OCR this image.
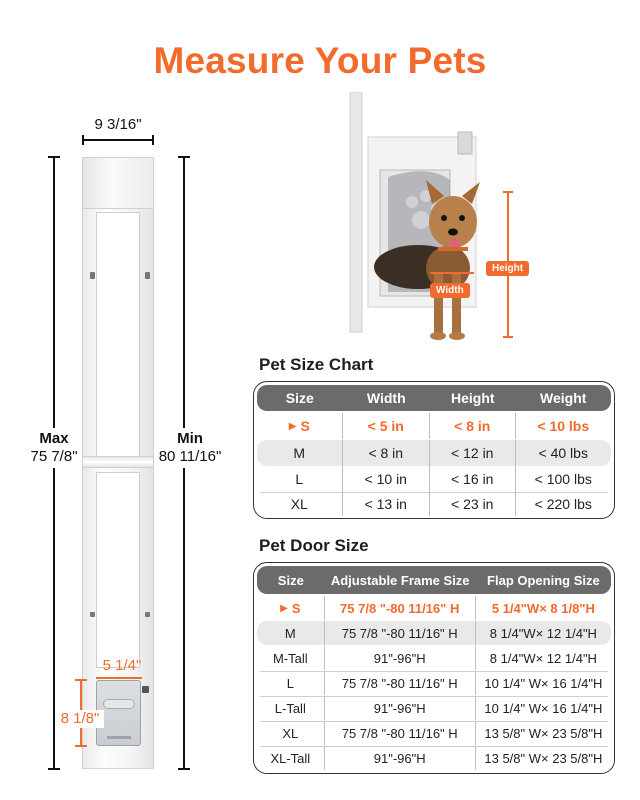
Measure Your Pets
9 3/16"
Max
75 7/8"
Min
80 11/16"
5 1/4"
8 1/8"
Height
Width
Pet Size Chart
Size	Width	Height	Weight
▶ S	< 5 in	< 8 in	< 10 lbs
M	< 8 in	< 12 in	< 40 lbs
L	< 10 in	< 16 in	< 100 lbs
XL	< 13 in	< 23 in	< 220 lbs
Pet Door Size
Size	Adjustable Frame Size	Flap Opening Size
▶ S	75 7/8 "-80 11/16" H	5 1/4"W× 8 1/8"H
M	75 7/8 "-80 11/16" H	8 1/4"W× 12 1/4"H
M-Tall	91"-96"H	8 1/4"W× 12 1/4"H
L	75 7/8 "-80 11/16" H	10 1/4" W× 16 1/4"H
L-Tall	91"-96"H	10 1/4" W× 16 1/4"H
XL	75 7/8 "-80 11/16" H	13 5/8" W× 23 5/8"H
XL-Tall	91"-96"H	13 5/8" W× 23 5/8"H
